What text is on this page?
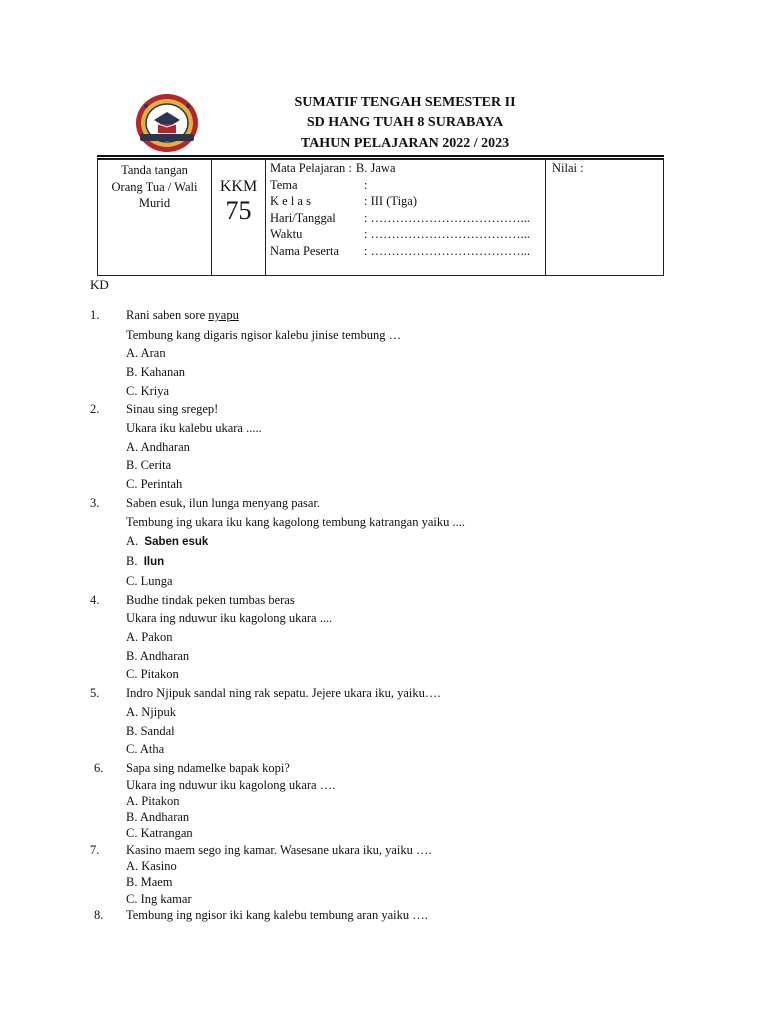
SUMATIF TENGAH SEMESTER II
SD HANG TUAH 8 SURABAYA
TAHUN PELAJARAN 2022 / 2023
Tanda tangan
Orang Tua / Wali
Murid

KKM
75

Mata Pelajaran : B. Jawa
Tema	:
K e l a s	: III (Tiga)
Hari/Tanggal	: ………………………………...
Waktu	: ………………………………...
Nama Peserta	: ………………………………...

Nilai :
KD
1. Rani saben sore nyapu
Tembung kang digaris ngisor kalebu jinise tembung …
A. Aran
B. Kahanan
C. Kriya
2. Sinau sing sregep!
Ukara iku kalebu ukara .....
A. Andharan
B. Cerita
C. Perintah
3. Saben esuk, ilun lunga menyang pasar.
Tembung ing ukara iku kang kagolong tembung katrangan yaiku ....
A. Saben esuk
B. Ilun
C. Lunga
4. Budhe tindak peken tumbas beras
Ukara ing nduwur iku kagolong ukara ....
A. Pakon
B. Andharan
C. Pitakon
5. Indro Njipuk sandal ning rak sepatu. Jejere ukara iku, yaiku….
A. Njipuk
B. Sandal
C. Atha
6. Sapa sing ndamelke bapak kopi?
Ukara ing nduwur iku kagolong ukara ….
A. Pitakon
B. Andharan
C. Katrangan
7. Kasino maem sego ing kamar. Wasesane ukara iku, yaiku ….
A. Kasino
B. Maem
C. Ing kamar
8. Tembung ing ngisor iki kang kalebu tembung aran yaiku ….
